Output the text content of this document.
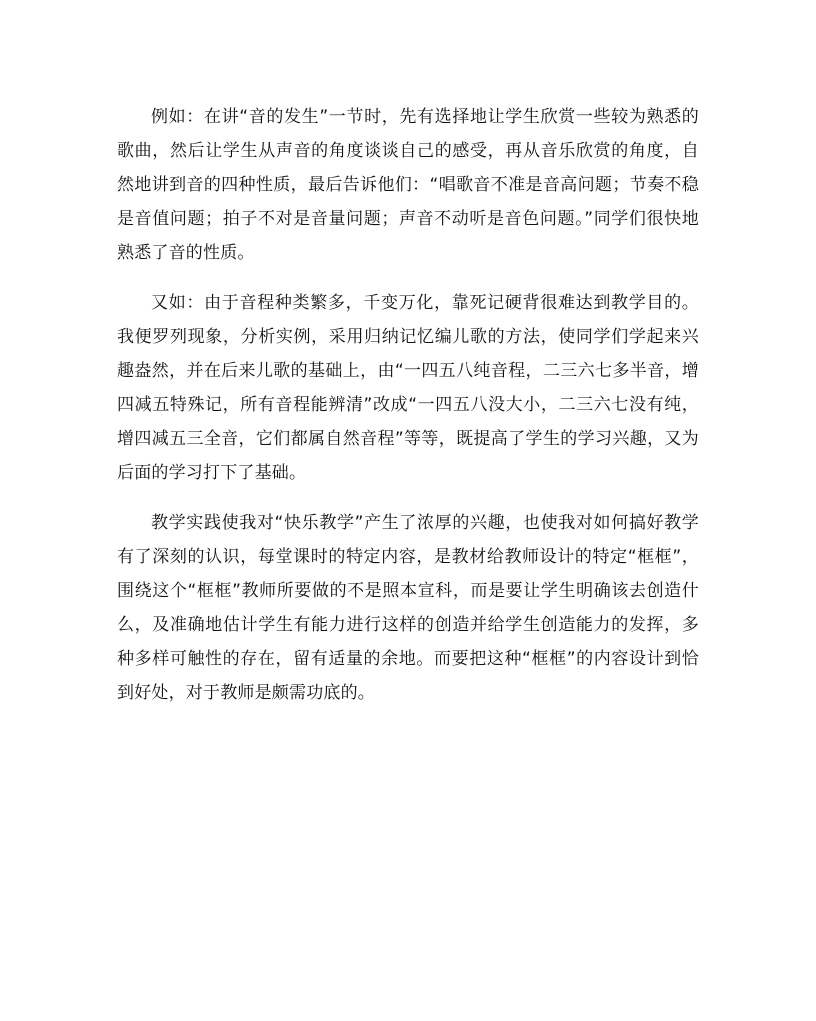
例如：在讲“音的发生”一节时，先有选择地让学生欣赏一些较为熟悉的歌曲，然后让学生从声音的角度谈谈自己的感受，再从音乐欣赏的角度，自然地讲到音的四种性质，最后告诉他们：“唱歌音不准是音高问题；节奏不稳是音值问题；拍子不对是音量问题；声音不动听是音色问题。”同学们很快地熟悉了音的性质。

又如：由于音程种类繁多，千变万化，靠死记硬背很难达到教学目的。我便罗列现象，分析实例，采用归纳记忆编儿歌的方法，使同学们学起来兴趣盎然，并在后来儿歌的基础上，由“一四五八纯音程，二三六七多半音，增四减五特殊记，所有音程能辨清”改成“一四五八没大小，二三六七没有纯，增四减五三全音，它们都属自然音程”等等，既提高了学生的学习兴趣，又为后面的学习打下了基础。

教学实践使我对“快乐教学”产生了浓厚的兴趣，也使我对如何搞好教学有了深刻的认识，每堂课时的特定内容，是教材给教师设计的特定“框框”，围绕这个“框框”教师所要做的不是照本宣科，而是要让学生明确该去创造什么，及准确地估计学生有能力进行这样的创造并给学生创造能力的发挥，多种多样可触性的存在，留有适量的余地。而要把这种“框框”的内容设计到恰到好处，对于教师是颇需功底的。
